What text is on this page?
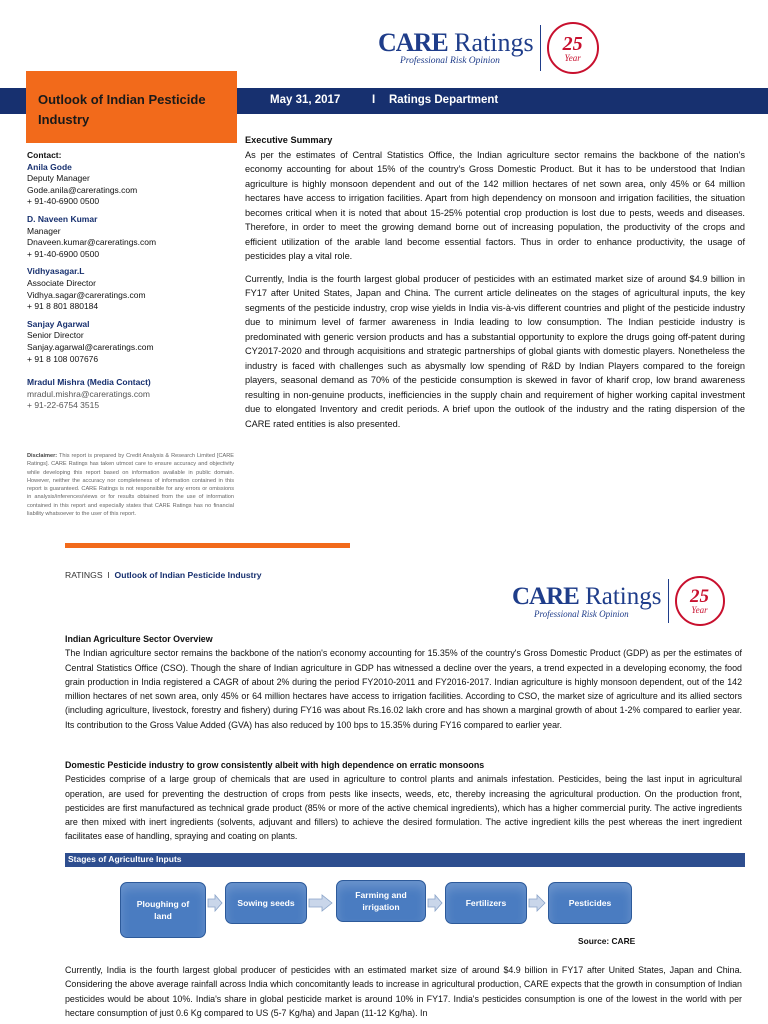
CARE Ratings
Professional Risk Opinion
25
Year
May 31, 2017	I Ratings Department
Outlook of Indian Pesticide Industry
Contact:
Anila Gode
Deputy Manager
Gode.anila@careratings.com
+ 91-40-6900 0500
D. Naveen Kumar
Manager
Dnaveen.kumar@careratings.com
+ 91-40-6900 0500
Vidhyasagar.L
Associate Director
Vidhya.sagar@careratings.com
+ 91 8 801 880184
Sanjay Agarwal
Senior Director
Sanjay.agarwal@careratings.com
+ 91 8 108 007676
Mradul Mishra (Media Contact)
mradul.mishra@careratings.com
+ 91-22-6754 3515
Disclaimer: This report is prepared by Credit Analysis & Research Limited [CARE Ratings]. CARE Ratings has taken utmost care to ensure accuracy and objectivity while developing this report based on information available in public domain. However, neither the accuracy nor completeness of information contained in this report is guaranteed. CARE Ratings is not responsible for any errors or omissions in analysis/inferences/views or for results obtained from the use of information contained in this report and especially states that CARE Ratings has no financial liability whatsoever to the user of this report.
Executive Summary

As per the estimates of Central Statistics Office, the Indian agriculture sector remains the backbone of the nation's economy accounting for about 15% of the country's Gross Domestic Product. But it has to be understood that Indian agriculture is highly monsoon dependent and out of the 142 million hectares of net sown area, only 45% or 64 million hectares have access to irrigation facilities. Apart from high dependency on monsoon and irrigation facilities, the situation becomes critical when it is noted that about 15-25% potential crop production is lost due to pests, weeds and diseases. Therefore, in order to meet the growing demand borne out of increasing population, the productivity of the crops and efficient utilization of the arable land become essential factors. Thus in order to enhance productivity, the usage of pesticides play a vital role.

Currently, India is the fourth largest global producer of pesticides with an estimated market size of around $4.9 billion in FY17 after United States, Japan and China. The current article delineates on the stages of agricultural inputs, the key segments of the pesticide industry, crop wise yields in India vis-à-vis different countries and plight of the pesticide industry due to minimum level of farmer awareness in India leading to low consumption. The Indian pesticide industry is predominated with generic version products and has a substantial opportunity to explore the drugs going off-patent during CY2017-2020 and through acquisitions and strategic partnerships of global giants with domestic players. Nonetheless the industry is faced with challenges such as abysmally low spending of R&D by Indian Players compared to the foreign players, seasonal demand as 70% of the pesticide consumption is skewed in favor of kharif crop, low brand awareness resulting in non-genuine products, inefficiencies in the supply chain and requirement of higher working capital investment due to elongated Inventory and credit periods. A brief upon the outlook of the industry and the rating dispersion of the CARE rated entities is also presented.

RATINGS I Outlook of Indian Pesticide Industry
CARE Ratings
Professional Risk Opinion
25
Year
Indian Agriculture Sector Overview

The Indian agriculture sector remains the backbone of the nation's economy accounting for 15.35% of the country's Gross Domestic Product (GDP) as per the estimates of Central Statistics Office (CSO). Though the share of Indian agriculture in GDP has witnessed a decline over the years, a trend expected in a developing economy, the food grain production in India registered a CAGR of about 2% during the period FY2010-2011 and FY2016-2017. Indian agriculture is highly monsoon dependent, out of the 142 million hectares of net sown area, only 45% or 64 million hectares have access to irrigation facilities. According to CSO, the market size of agriculture and its allied sectors (including agriculture, livestock, forestry and fishery) during FY16 was about Rs.16.02 lakh crore and has shown a marginal growth of about 1-2% compared to earlier year. Its contribution to the Gross Value Added (GVA) has also reduced by 100 bps to 15.35% during FY16 compared to earlier year.

Domestic Pesticide industry to grow consistently albeit with high dependence on erratic monsoons

Pesticides comprise of a large group of chemicals that are used in agriculture to control plants and animals infestation. Pesticides, being the last input in agricultural operation, are used for preventing the destruction of crops from pests like insects, weeds, etc, thereby increasing the agricultural production. On the production front, pesticides are first manufactured as technical grade product (85% or more of the active chemical ingredients), which has a higher commercial purity. The active ingredients are then mixed with inert ingredients (solvents, adjuvant and fillers) to achieve the desired formulation. The active ingredient kills the pest whereas the inert ingredient facilitates ease of handling, spraying and coating on plants.

Stages of Agriculture Inputs
Ploughing of land
Sowing seeds
Farming and irrigation	Fertilizers	Pesticides
Source: CARE
Currently, India is the fourth largest global producer of pesticides with an estimated market size of around $4.9 billion in FY17 after United States, Japan and China. Considering the above average rainfall across India which concomitantly leads to increase in agricultural production, CARE expects that the growth in consumption of Indian pesticides would be about 10%. India's share in global pesticide market is around 10% in FY17. India's pesticides consumption is one of the lowest in the world with per hectare consumption of just 0.6 Kg compared to US (5-7 Kg/ha) and Japan (11-12 Kg/ha). In
